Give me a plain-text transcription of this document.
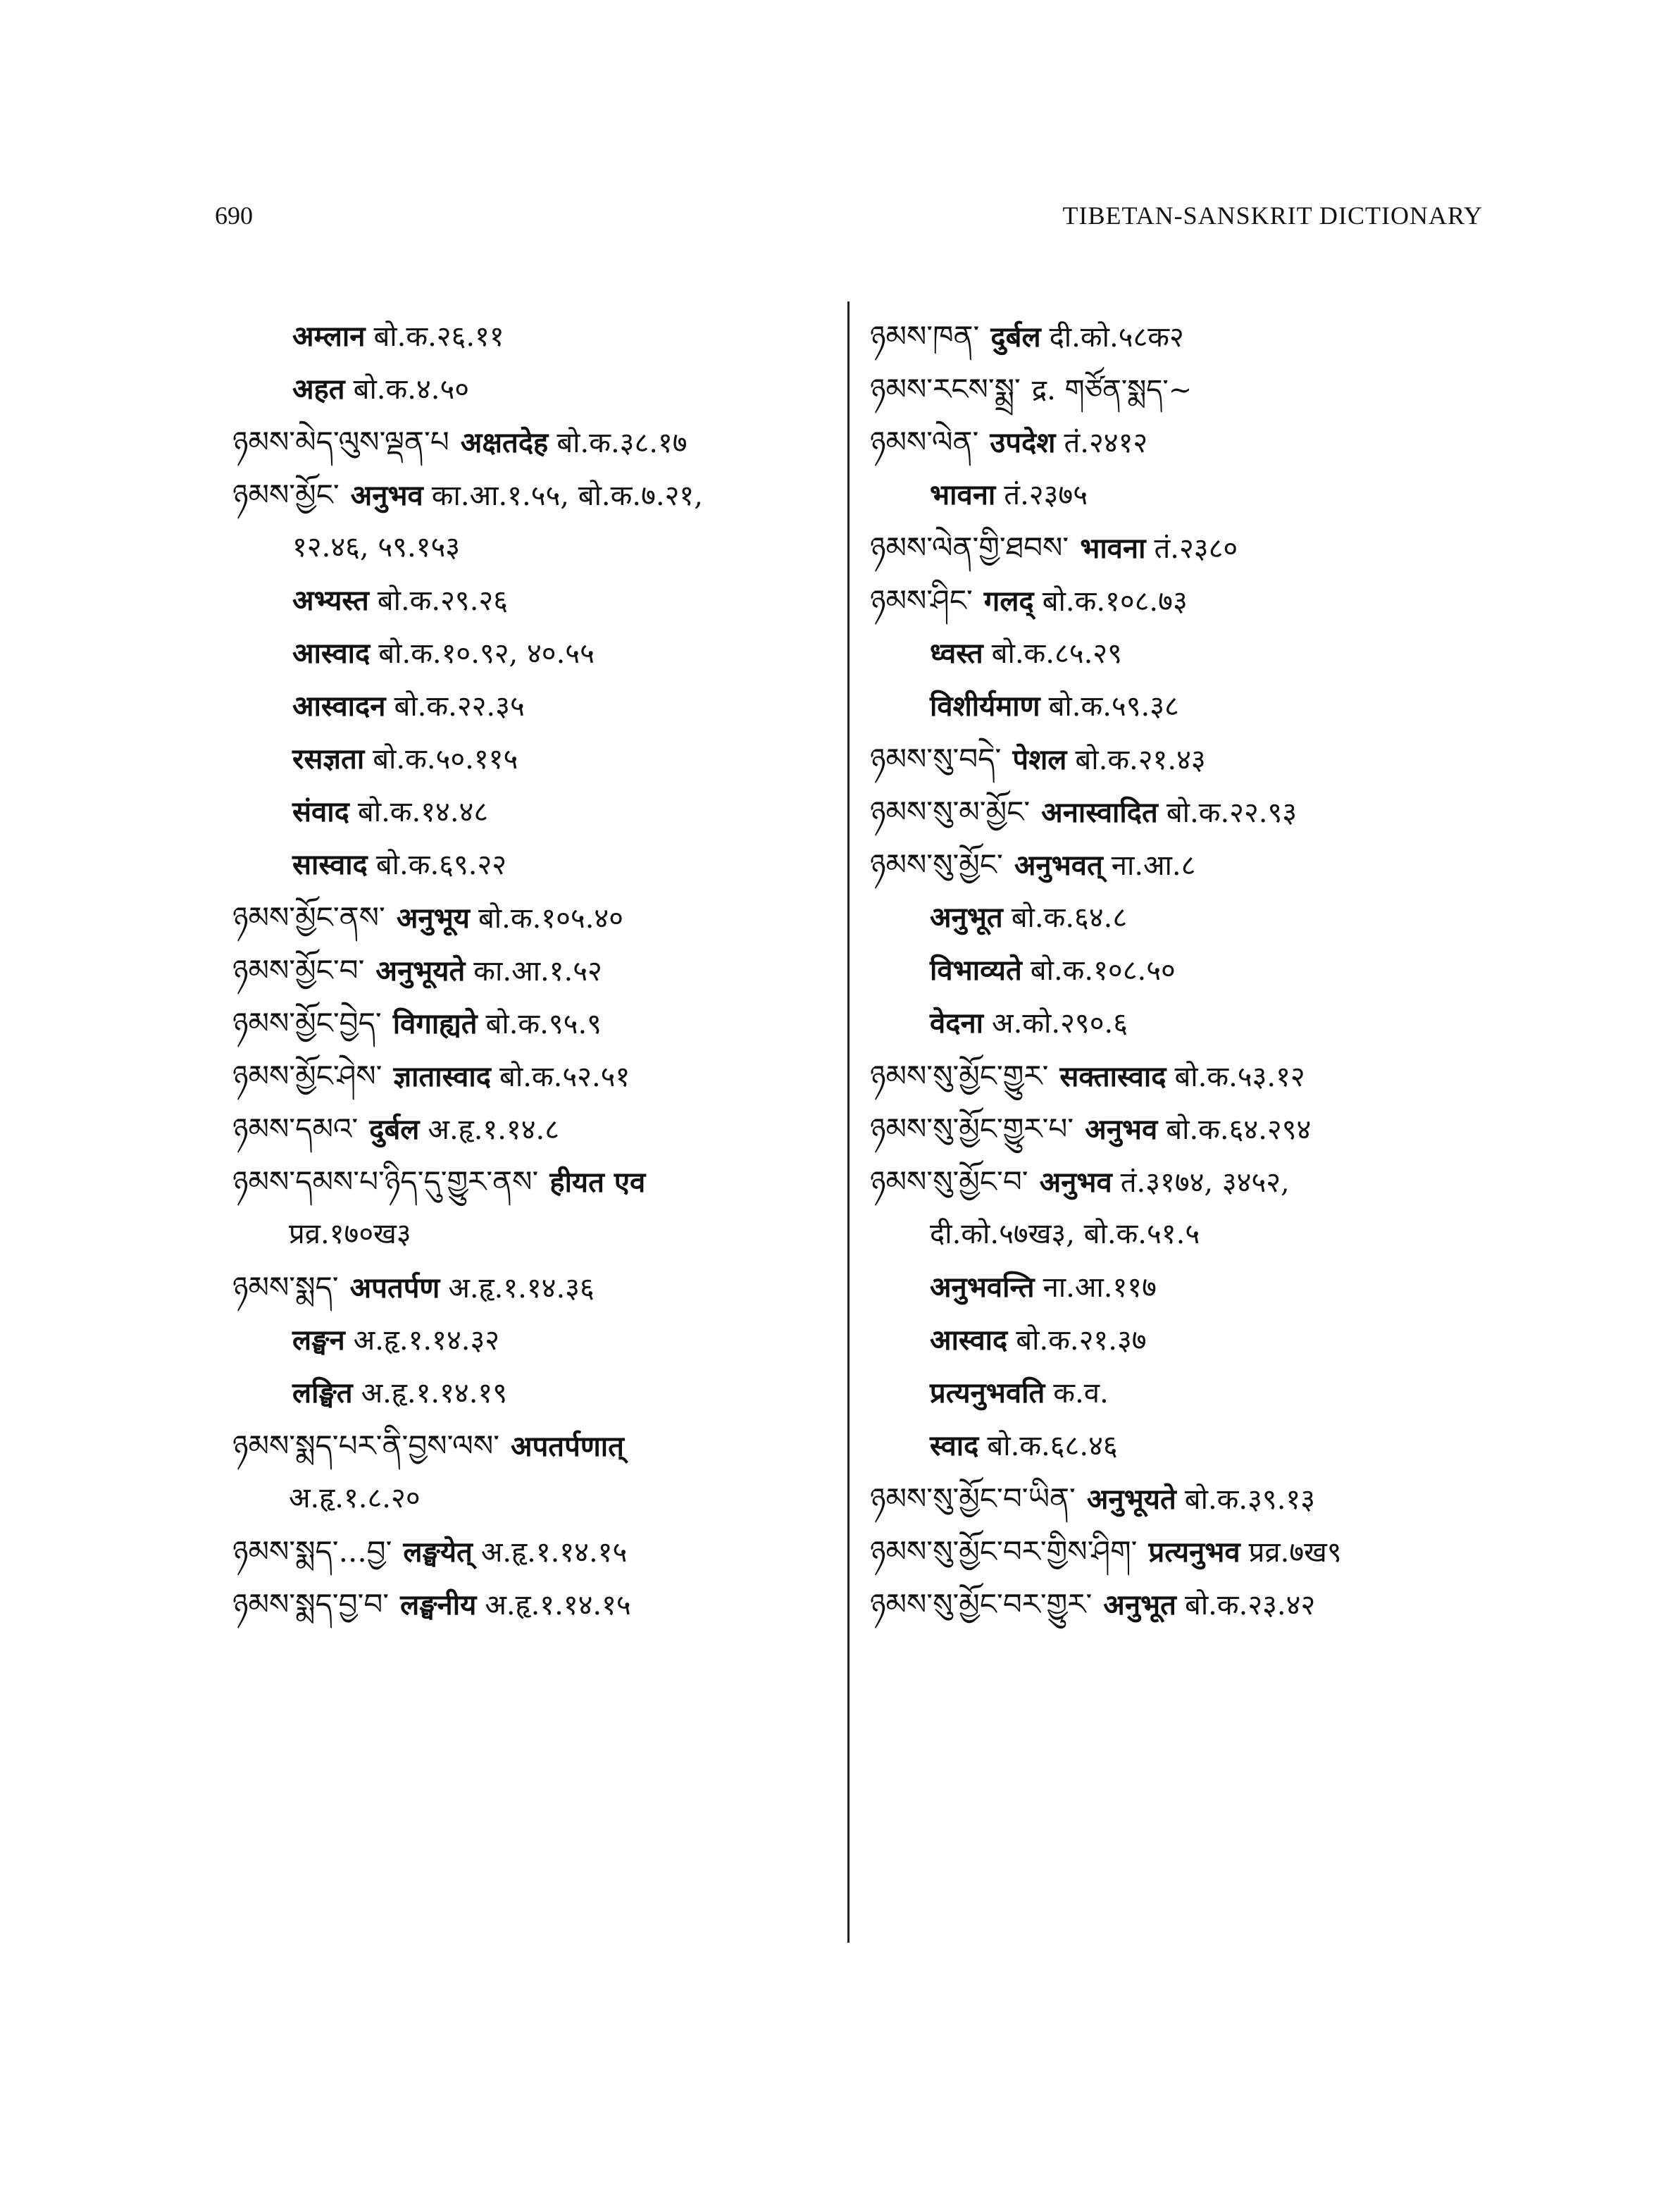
690	TIBETAN-SANSKRIT DICTIONARY
अम्लान बो.क.२६.११
अहत बो.क.४.५०
ཉམས་མེད་ལུས་ལྡན་པ अक्षतदेह बो.क.३८.१७
ཉམས་མྱོང་ अनुभव का.आ.१.५५, बो.क.७.२१,
१२.४६, ५९.१५३
अभ्यस्त बो.क.२९.२६
आस्वाद बो.क.१०.९२, ४०.५५
आस्वादन बो.क.२२.३५
रसज्ञता बो.क.५०.११५
संवाद बो.क.१४.४८
सास्वाद बो.क.६९.२२
ཉམས་མྱོང་ནས་ अनुभूय बो.क.१०५.४०
ཉམས་མྱོང་བ་ अनुभूयते का.आ.१.५२
ཉམས་མྱོང་བྱེད་ विगाह्यते बो.क.९५.९
ཉམས་མྱོང་ཤེས་ ज्ञातास्वाद बो.क.५२.५१
ཉམས་དམའ་ दुर्बल अ.हृ.१.१४.८
ཉམས་དམས་པ་ཉིད་དུ་གྱུར་ནས་ हीयत एव
प्रव्र.१७०ख३
ཉམས་སྨད་ अपतर्पण अ.हृ.१.१४.३६
लङ्घन अ.हृ.१.१४.३२
लङ्घित अ.हृ.१.१४.१९
ཉམས་སྨད་པར་ནི་བྱས་ལས་ अपतर्पणात्
अ.हृ.१.८.२०
ཉམས་སྨད་...བྱ་ लङ्घयेत् अ.हृ.१.१४.१५
ཉམས་སྨད་བྱ་བ་ लङ्घनीय अ.हृ.१.१४.१५
ཉམས་ཁན་ दुर्बल दी.को.५८क२
ཉམས་རངས་སྨྲ་ द्र. གཙོན་སྨད་~
ཉམས་ལེན་ उपदेश तं.२४१२
भावना तं.२३७५
ཉམས་ལེན་གྱི་ཐབས་ भावना तं.२३८०
ཉམས་ཤིང་ गलद् बो.क.१०८.७३
ध्वस्त बो.क.८५.२९
विशीर्यमाण बो.क.५९.३८
ཉམས་སུ་བདེ་ पेशल बो.क.२१.४३
ཉམས་སུ་མ་མྱོང་ अनास्वादित बो.क.२२.९३
ཉམས་སུ་མྱོང་ अनुभवत् ना.आ.८
अनुभूत बो.क.६४.८
विभाव्यते बो.क.१०८.५०
वेदना अ.को.२९०.६
ཉམས་སུ་མྱོང་གྱུར་ सक्तास्वाद बो.क.५३.१२
ཉམས་སུ་མྱོང་གྱུར་པ་ अनुभव बो.क.६४.२९४
ཉམས་སུ་མྱོང་བ་ अनुभव तं.३१७४, ३४५२,
दी.को.५७ख३, बो.क.५१.५
अनुभवन्ति ना.आ.११७
आस्वाद बो.क.२१.३७
प्रत्यनुभवति क.व.
स्वाद बो.क.६८.४६
ཉམས་སུ་མྱོང་བ་ཡིན་ अनुभूयते बो.क.३९.१३
ཉམས་སུ་མྱོང་བར་གྱིས་ཤིག་ प्रत्यनुभव प्रव्र.७ख९
ཉམས་སུ་མྱོང་བར་གྱུར་ अनुभूत बो.क.२३.४२
